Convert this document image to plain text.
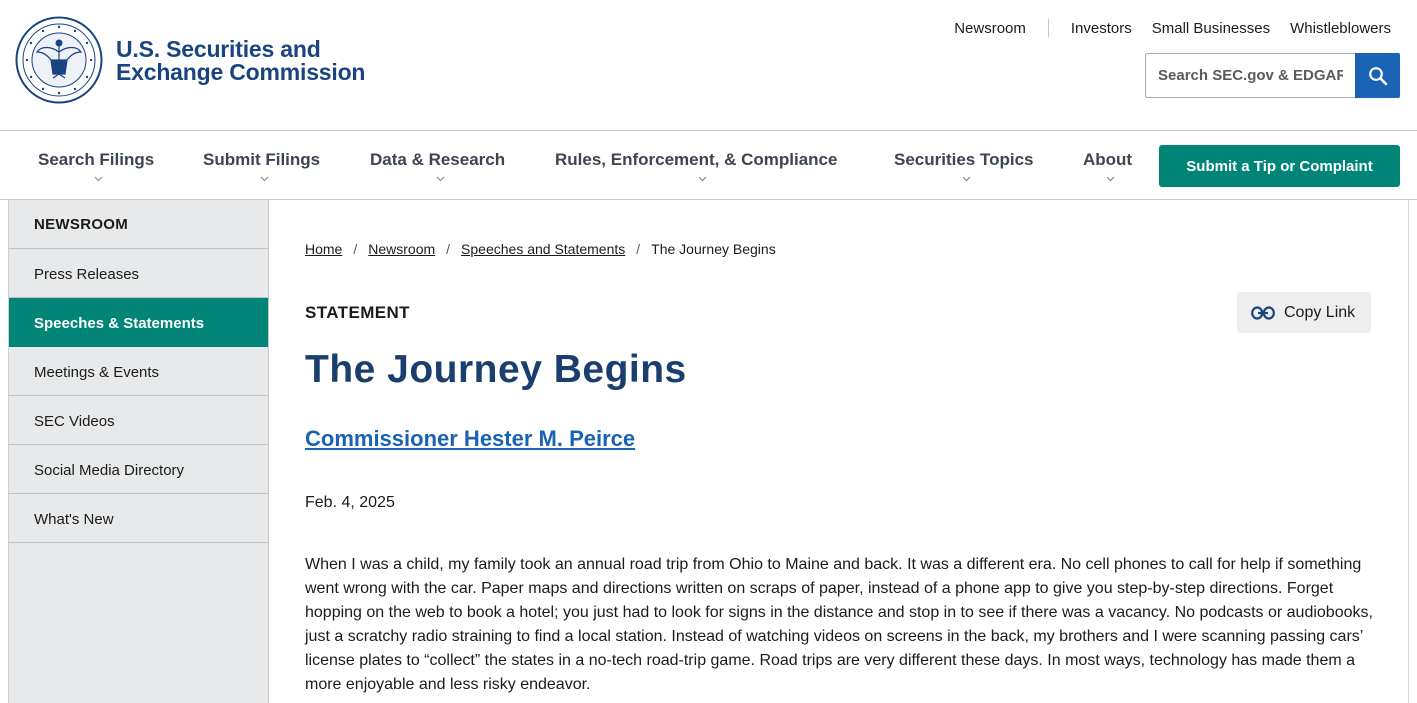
U.S. Securities and
Exchange Commission
Newsroom	Investors Small Businesses Whistleblowers
Search SEC.gov & EDGAR
Search Filings	Submit Filings	Data & Research	Rules, Enforcement, & Compliance	Securities Topics	About	Submit a Tip or Complaint
NEWSROOM
Press Releases
Speeches & Statements
Meetings & Events
SEC Videos
Social Media Directory
What's New
Home / Newsroom / Speeches and Statements / The Journey Begins
STATEMENT	Copy Link
The Journey Begins
Commissioner Hester M. Peirce
Feb. 4, 2025

When I was a child, my family took an annual road trip from Ohio to Maine and back. It was a different era. No cell phones to call for help if something went wrong with the car. Paper maps and directions written on scraps of paper, instead of a phone app to give you step-by-step directions. Forget hopping on the web to book a hotel; you just had to look for signs in the distance and stop in to see if there was a vacancy. No podcasts or audiobooks, just a scratchy radio straining to find a local station. Instead of watching videos on screens in the back, my brothers and I were scanning passing cars’ license plates to “collect” the states in a no-tech road-trip game. Road trips are very different these days. In most ways, technology has made them a more enjoyable and less risky endeavor.
